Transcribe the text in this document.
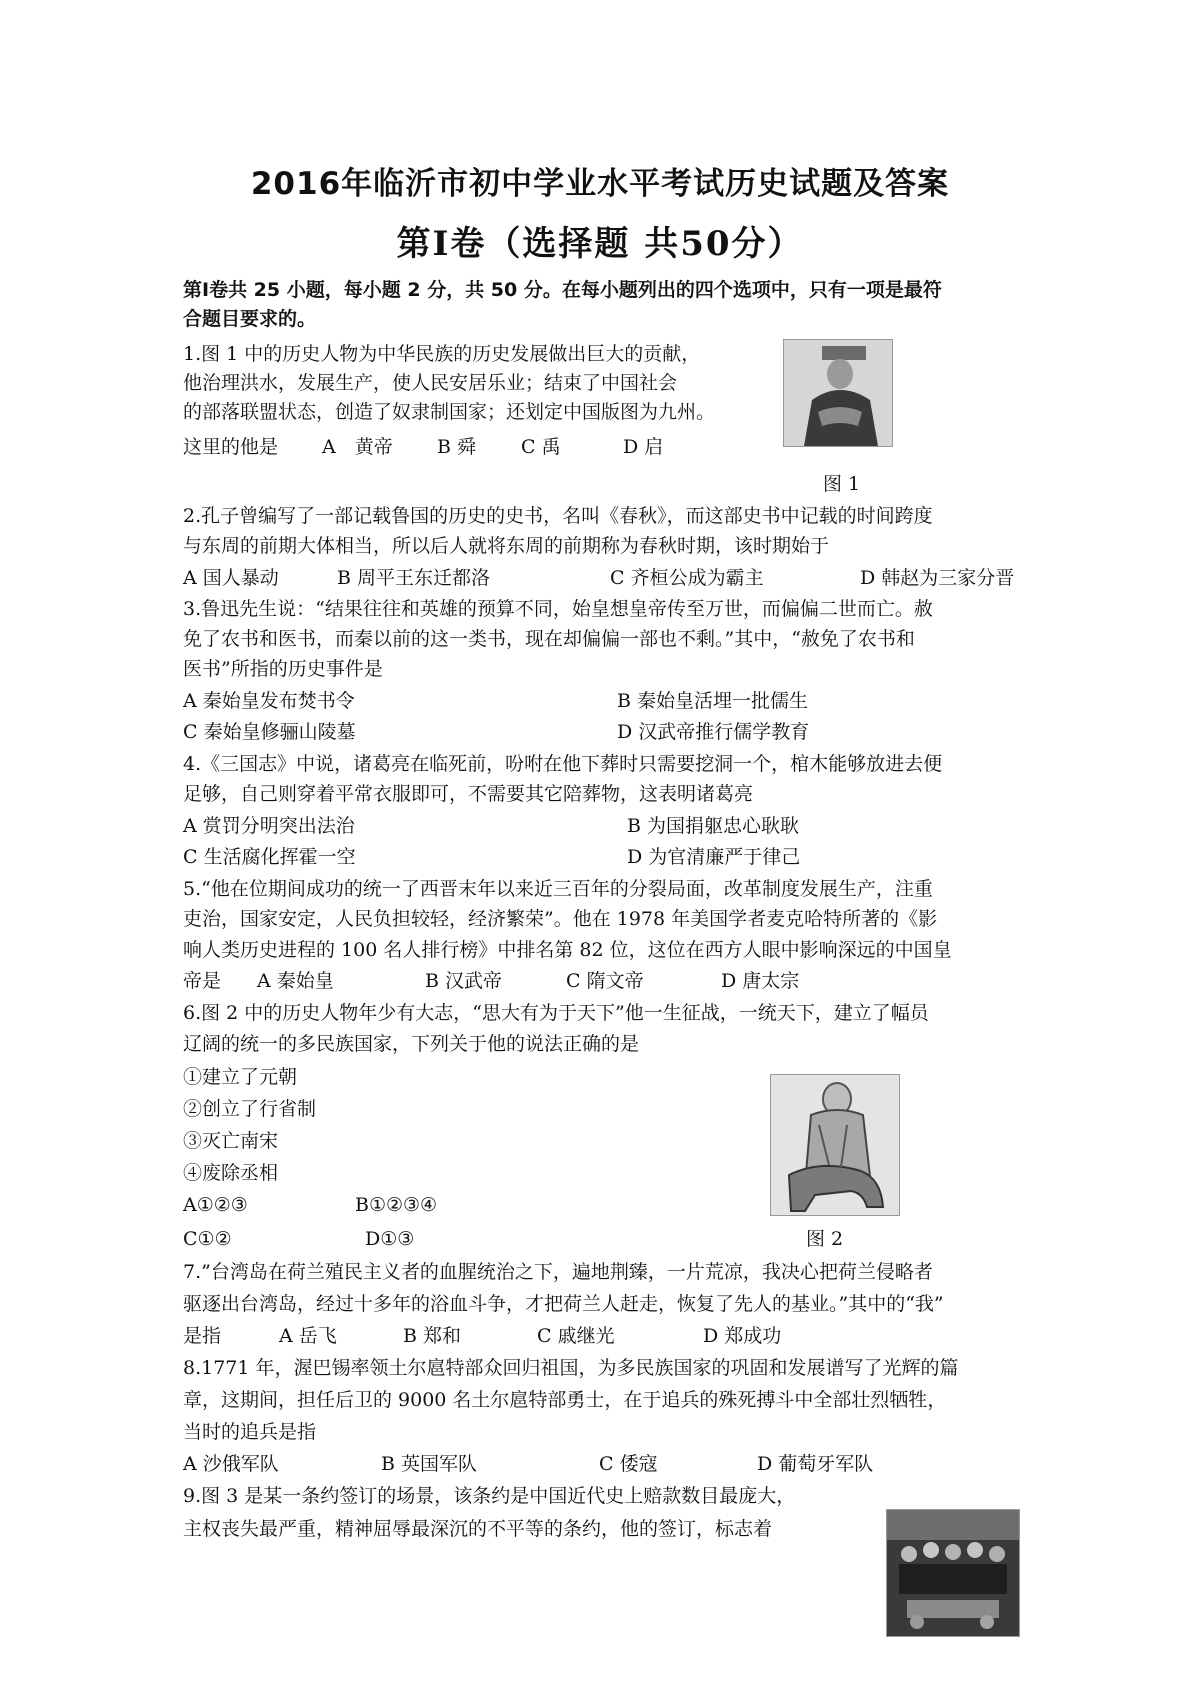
2016年临沂市初中学业水平考试历史试题及答案
第Ⅰ卷（选择题 共50分）
第Ⅰ卷共 25 小题，每小题 2 分，共 50 分。在每小题列出的四个选项中，只有一项是最符
合题目要求的。
1.图 1 中的历史人物为中华民族的历史发展做出巨大的贡献，
他治理洪水，发展生产，使人民安居乐业；结束了中国社会
的部落联盟状态，创造了奴隶制国家；还划定中国版图为九州。
这里的他是 A　黄帝 B 舜 C 禹	D 启
图 1
2.孔子曾编写了一部记载鲁国的历史的史书，名叫《春秋》，而这部史书中记载的时间跨度
与东周的前期大体相当，所以后人就将东周的前期称为春秋时期，该时期始于
A 国人暴动	B 周平王东迁都洛	C 齐桓公成为霸主	D 韩赵为三家分晋
3.鲁迅先生说：“结果往往和英雄的预算不同，始皇想皇帝传至万世，而偏偏二世而亡。赦
免了农书和医书，而秦以前的这一类书，现在却偏偏一部也不剩。”其中，“赦免了农书和
医书”所指的历史事件是
A 秦始皇发布焚书令	B 秦始皇活埋一批儒生
C 秦始皇修骊山陵墓	D 汉武帝推行儒学教育
4.《三国志》中说，诸葛亮在临死前，吩咐在他下葬时只需要挖洞一个，棺木能够放进去便
足够，自己则穿着平常衣服即可，不需要其它陪葬物，这表明诸葛亮
A 赏罚分明突出法治	B 为国捐躯忠心耿耿
C 生活腐化挥霍一空	D 为官清廉严于律己
5.“他在位期间成功的统一了西晋末年以来近三百年的分裂局面，改革制度发展生产，注重
吏治，国家安定，人民负担较轻，经济繁荣”。他在 1978 年美国学者麦克哈特所著的《影
响人类历史进程的 100 名人排行榜》中排名第 82 位，这位在西方人眼中影响深远的中国皇
帝是 A 秦始皇	B 汉武帝	C 隋文帝	D 唐太宗
6.图 2 中的历史人物年少有大志，“思大有为于天下”他一生征战，一统天下，建立了幅员
辽阔的统一的多民族国家，下列关于他的说法正确的是
①建立了元朝
②创立了行省制
③灭亡南宋
④废除丞相
A①②③	B①②③④
C①②	D①③	图 2
7.”台湾岛在荷兰殖民主义者的血腥统治之下，遍地荆臻，一片荒凉，我决心把荷兰侵略者
驱逐出台湾岛，经过十多年的浴血斗争，才把荷兰人赶走，恢复了先人的基业。”其中的“我”
是指	A 岳飞	B 郑和	C 戚继光	D 郑成功
8.1771 年，渥巴锡率领土尔扈特部众回归祖国，为多民族国家的巩固和发展谱写了光辉的篇
章，这期间，担任后卫的 9000 名土尔扈特部勇士，在于追兵的殊死搏斗中全部壮烈牺牲，
当时的追兵是指
A 沙俄军队	B 英国军队	C 倭寇	D 葡萄牙军队
9.图 3 是某一条约签订的场景，该条约是中国近代史上赔款数目最庞大，
主权丧失最严重，精神屈辱最深沉的不平等的条约，他的签订，标志着
